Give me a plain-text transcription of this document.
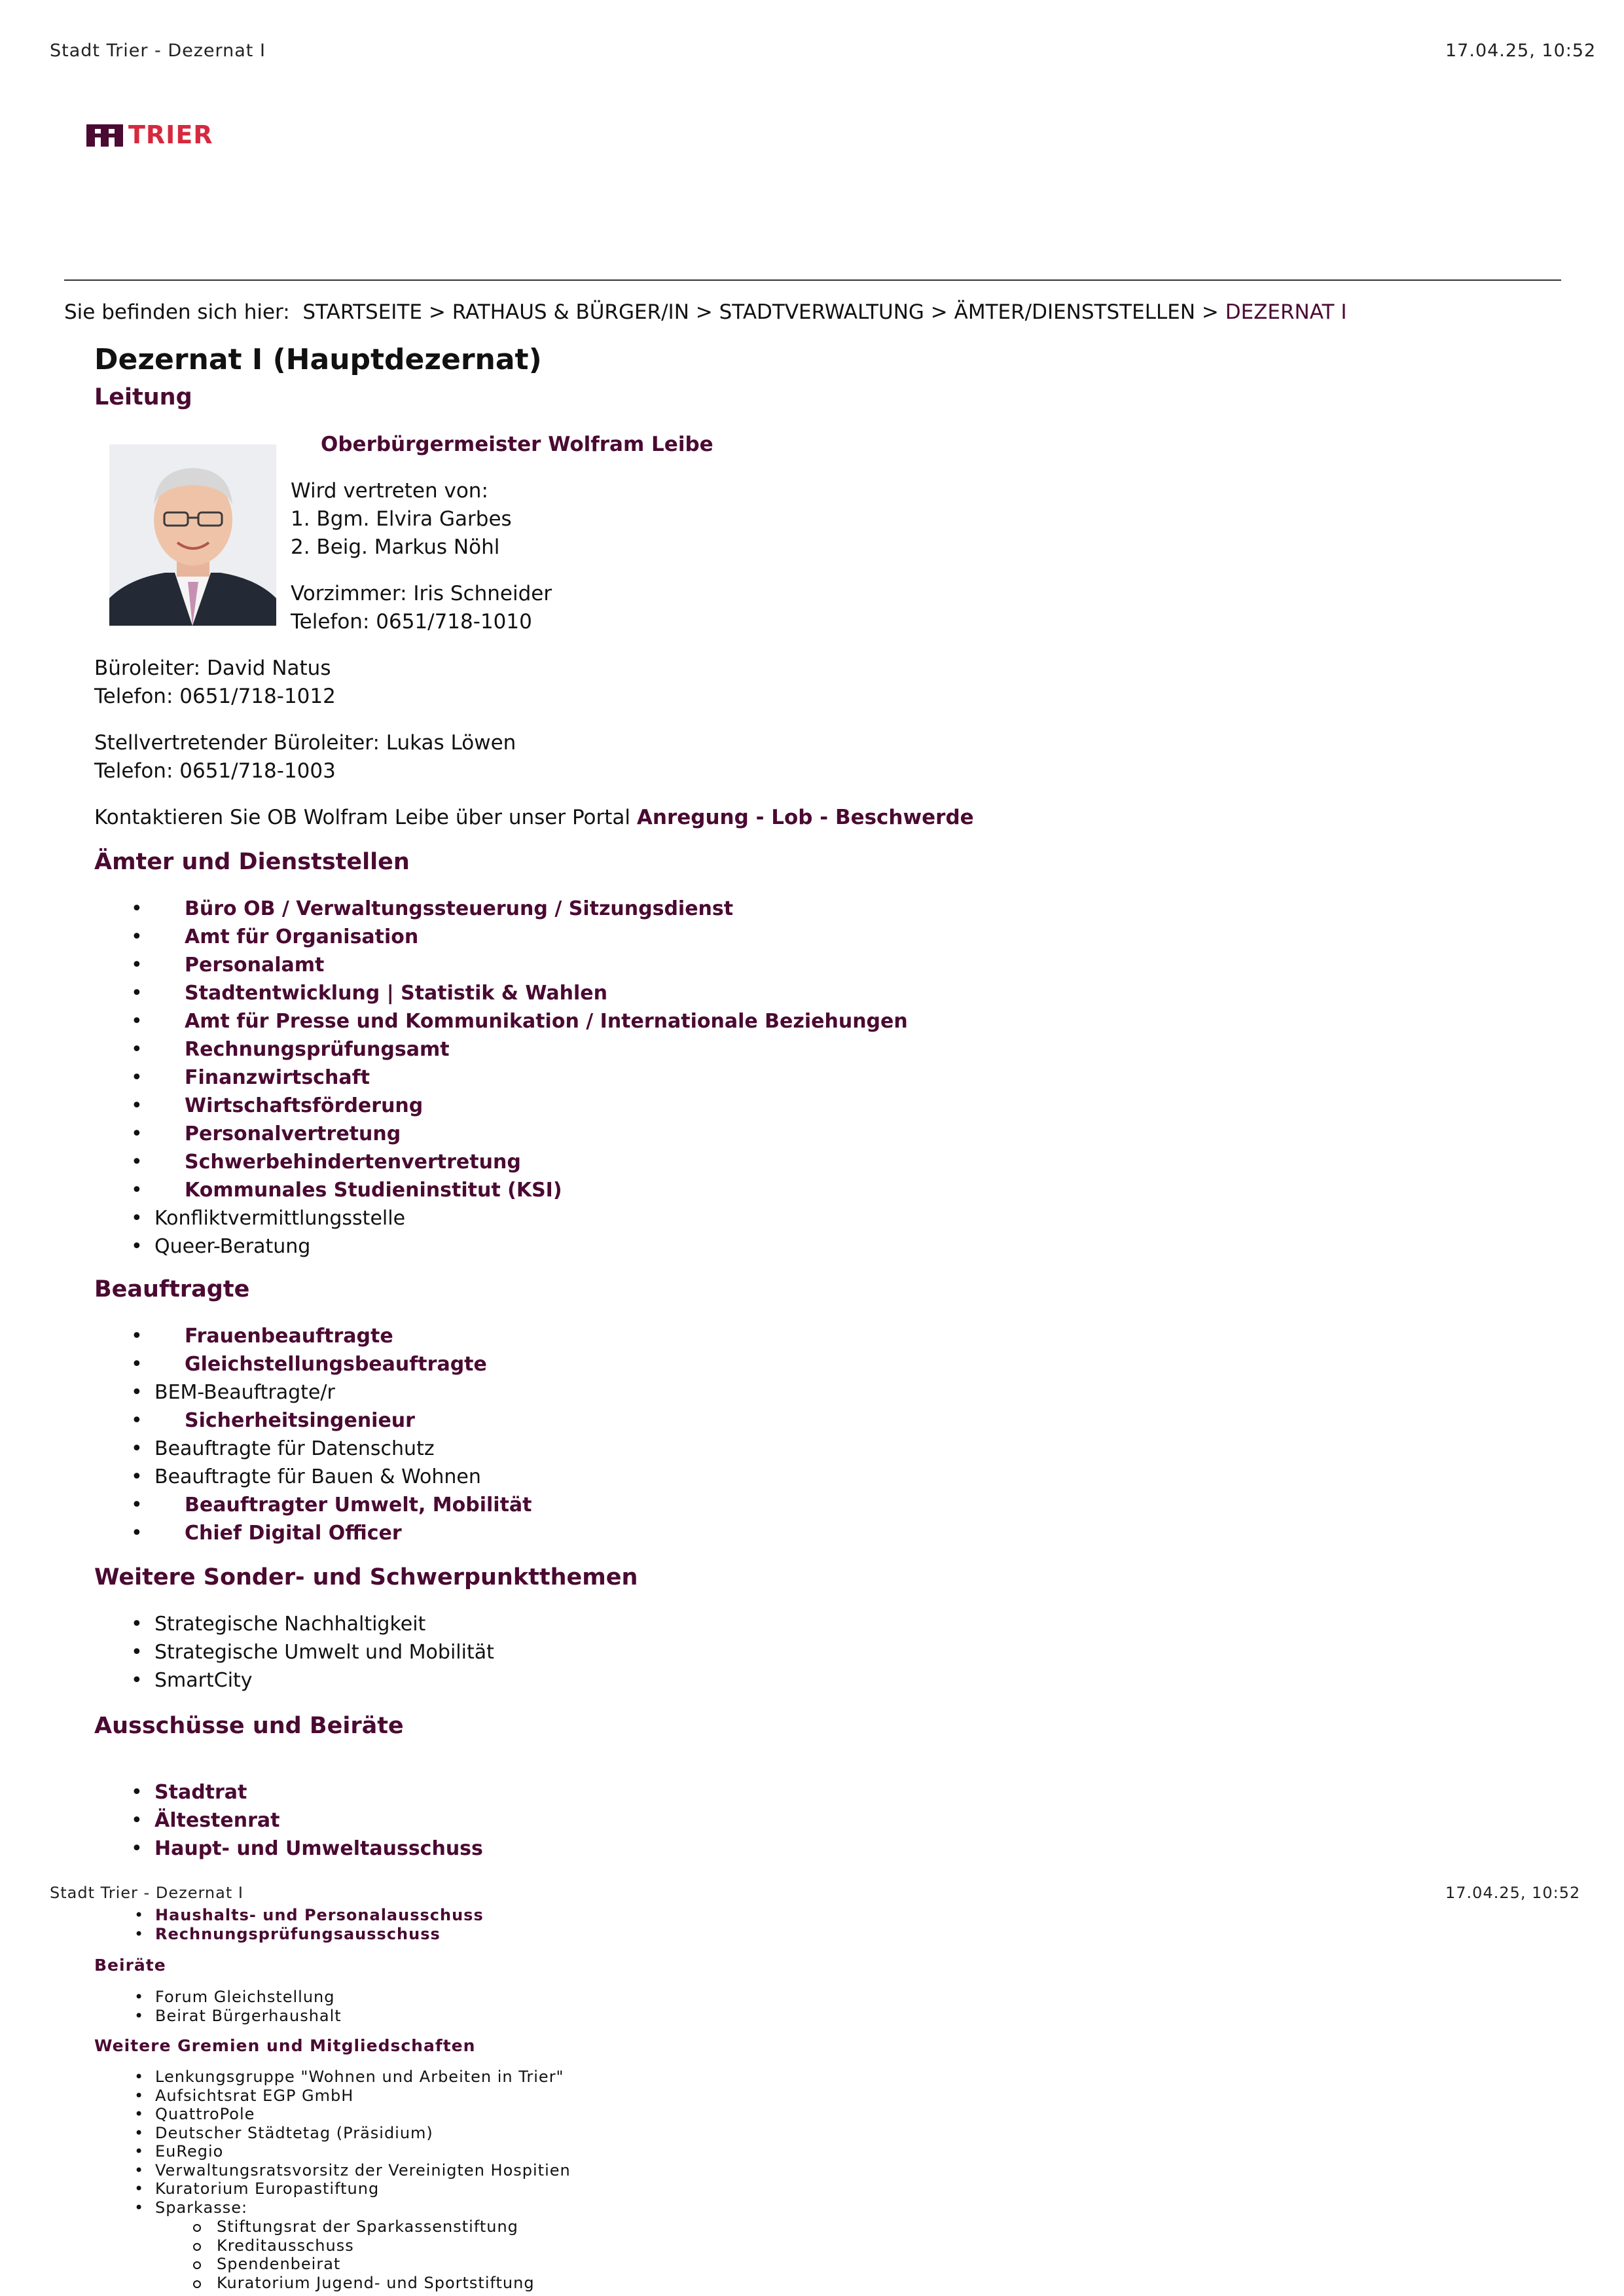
Stadt Trier - Dezernat I	17.04.25, 10:52
TRIER
Sie befinden sich hier: STARTSEITE > RATHAUS & BÜRGER/IN > STADTVERWALTUNG > ÄMTER/DIENSTSTELLEN > DEZERNAT I
Dezernat I (Hauptdezernat)
Leitung
Oberbürgermeister Wolfram Leibe
Wird vertreten von:
1. Bgm. Elvira Garbes
2. Beig. Markus Nöhl
Vorzimmer: Iris Schneider
Telefon: 0651/718-1010
Büroleiter: David Natus
Telefon: 0651/718-1012
Stellvertretender Büroleiter: Lukas Löwen
Telefon: 0651/718-1003
Kontaktieren Sie OB Wolfram Leibe über unser Portal Anregung - Lob - Beschwerde
Ämter und Dienststellen
• Büro OB / Verwaltungssteuerung / Sitzungsdienst
• Amt für Organisation
• Personalamt
• Stadtentwicklung | Statistik & Wahlen
• Amt für Presse und Kommunikation / Internationale Beziehungen
• Rechnungsprüfungsamt
• Finanzwirtschaft
• Wirtschaftsförderung
• Personalvertretung
• Schwerbehindertenvertretung
• Kommunales Studieninstitut (KSI)
• Konfliktvermittlungsstelle
• Queer-Beratung
Beauftragte
• Frauenbeauftragte
• Gleichstellungsbeauftragte
• BEM-Beauftragte/r
• Sicherheitsingenieur
• Beauftragte für Datenschutz
• Beauftragte für Bauen & Wohnen
• Beauftragter Umwelt, Mobilität
• Chief Digital Officer
Weitere Sonder- und Schwerpunktthemen
• Strategische Nachhaltigkeit
• Strategische Umwelt und Mobilität
• SmartCity
Ausschüsse und Beiräte
• Stadtrat
• Ältestenrat
• Haupt- und Umweltausschuss
Stadt Trier - Dezernat I	17.04.25, 10:52
• Haushalts- und Personalausschuss
• Rechnungsprüfungsausschuss
Beiräte
• Forum Gleichstellung
• Beirat Bürgerhaushalt
Weitere Gremien und Mitgliedschaften
• Lenkungsgruppe "Wohnen und Arbeiten in Trier"
• Aufsichtsrat EGP GmbH
• QuattroPole
• Deutscher Städtetag (Präsidium)
• EuRegio
• Verwaltungsratsvorsitz der Vereinigten Hospitien
• Kuratorium Europastiftung
• Sparkasse:
Stiftungsrat der Sparkassenstiftung
Kreditausschuss
Spendenbeirat
Kuratorium Jugend- und Sportstiftung
